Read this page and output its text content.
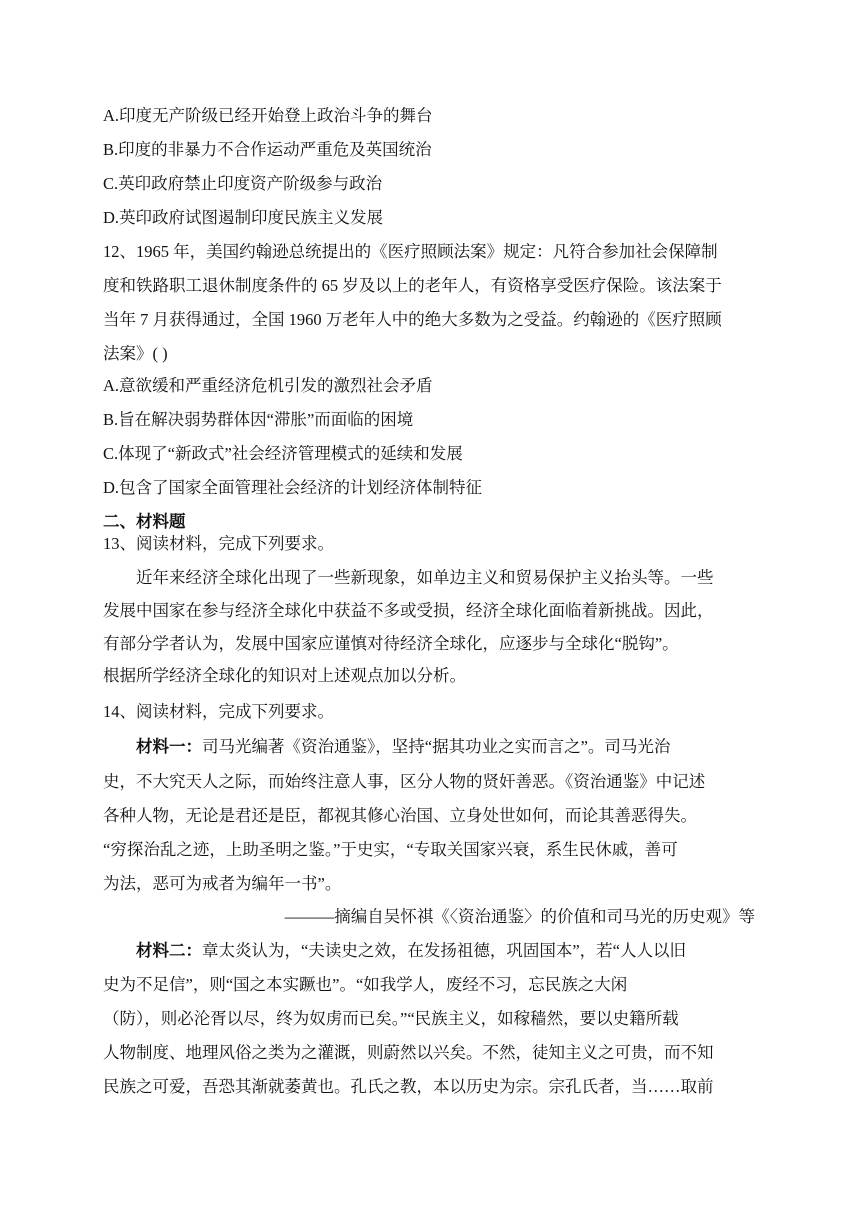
A.印度无产阶级已经开始登上政治斗争的舞台
B.印度的非暴力不合作运动严重危及英国统治
C.英印政府禁止印度资产阶级参与政治
D.英印政府试图遏制印度民族主义发展
12、1965 年，美国约翰逊总统提出的《医疗照顾法案》规定：凡符合参加社会保障制
度和铁路职工退休制度条件的 65 岁及以上的老年人，有资格享受医疗保险。该法案于
当年 7 月获得通过，全国 1960 万老年人中的绝大多数为之受益。约翰逊的《医疗照顾
法案》( )
A.意欲缓和严重经济危机引发的激烈社会矛盾
B.旨在解决弱势群体因“滞胀”而面临的困境
C.体现了“新政式”社会经济管理模式的延续和发展
D.包含了国家全面管理社会经济的计划经济体制特征
二、材料题
13、阅读材料，完成下列要求。
近年来经济全球化出现了一些新现象，如单边主义和贸易保护主义抬头等。一些
发展中国家在参与经济全球化中获益不多或受损，经济全球化面临着新挑战。因此，
有部分学者认为，发展中国家应谨慎对待经济全球化，应逐步与全球化“脱钩”。
根据所学经济全球化的知识对上述观点加以分析。
14、阅读材料，完成下列要求。
材料一：司马光编著《资治通鉴》，坚持“据其功业之实而言之”。司马光治
史，不大究天人之际，而始终注意人事，区分人物的贤奸善恶。《资治通鉴》中记述
各种人物，无论是君还是臣，都视其修心治国、立身处世如何，而论其善恶得失。
“穷探治乱之迹，上助圣明之鉴。”于史实，“专取关国家兴衰，系生民休戚，善可
为法，恶可为戒者为编年一书”。
———摘编自吴怀祺《〈资治通鉴〉的价值和司马光的历史观》等
材料二：章太炎认为，“夫读史之效，在发扬祖德，巩固国本”，若“人人以旧
史为不足信”，则“国之本实蹶也”。“如我学人，废经不习，忘民族之大闲
（防），则必沦胥以尽，终为奴虏而已矣。”“民族主义，如稼穑然，要以史籍所载
人物制度、地理风俗之类为之灌溉，则蔚然以兴矣。不然，徒知主义之可贵，而不知
民族之可爱，吾恐其渐就萎黄也。孔氏之教，本以历史为宗。宗孔氏者，当……取前
